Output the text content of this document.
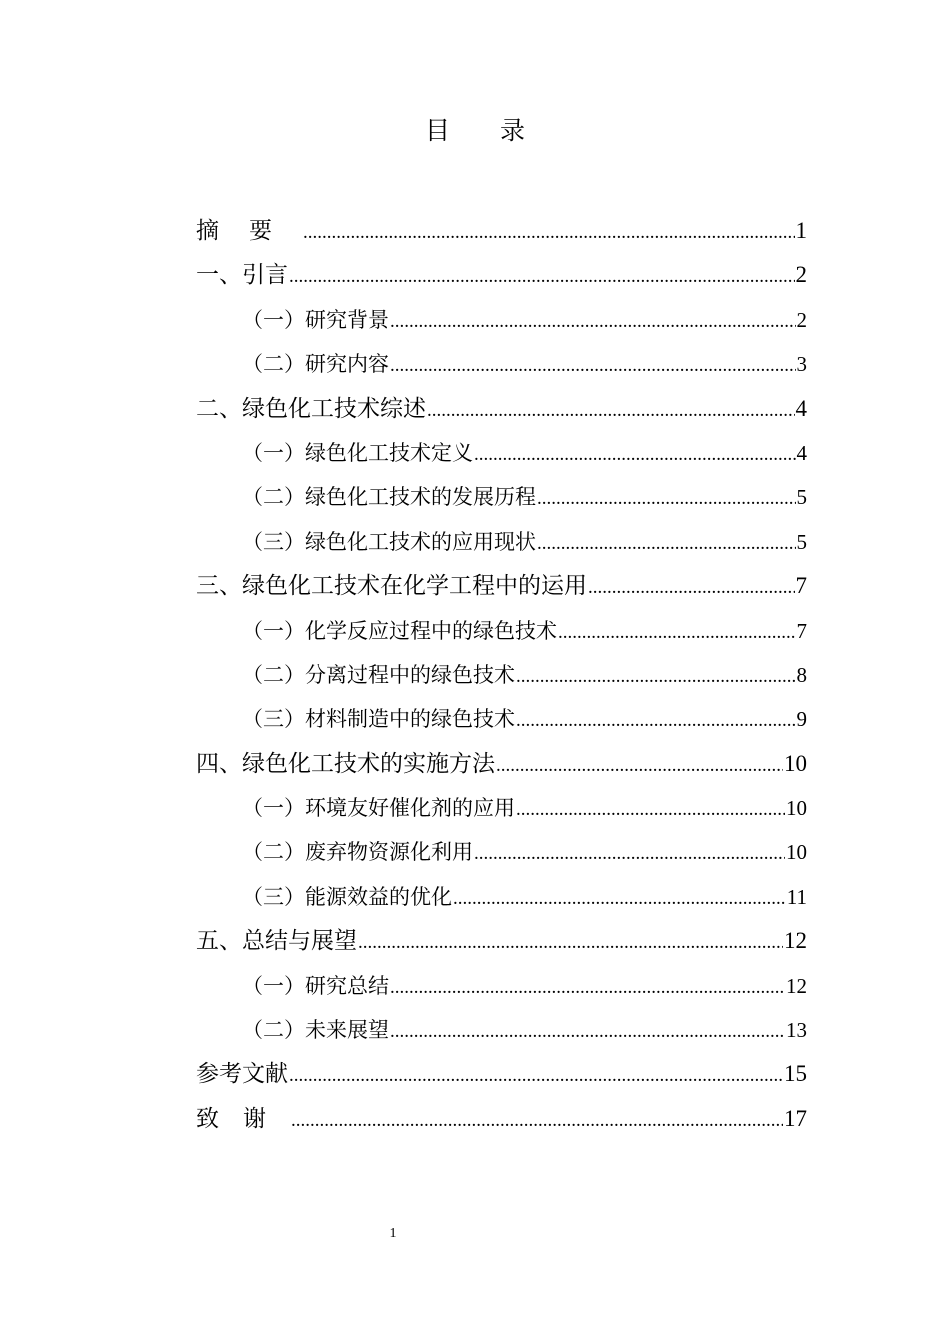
目录
摘要 .....	1
一、引言 .....	2
（一）研究背景 .....	2
（二）研究内容 .....	3
二、绿色化工技术综述 .....	4
（一）绿色化工技术定义 .....	4
（二）绿色化工技术的发展历程 .....	5
（三）绿色化工技术的应用现状 .....	5
三、绿色化工技术在化学工程中的运用 .....	7
（一）化学反应过程中的绿色技术 .....	7
（二）分离过程中的绿色技术 .....	8
（三）材料制造中的绿色技术 .....	9
四、绿色化工技术的实施方法 .....	10
（一）环境友好催化剂的应用 .....	10
（二）废弃物资源化利用 .....	10
（三）能源效益的优化 .....	11
五、总结与展望 .....	12
（一）研究总结 .....	12
（二）未来展望 .....	13
参考文献 .....	15
致谢 .....	17
1
